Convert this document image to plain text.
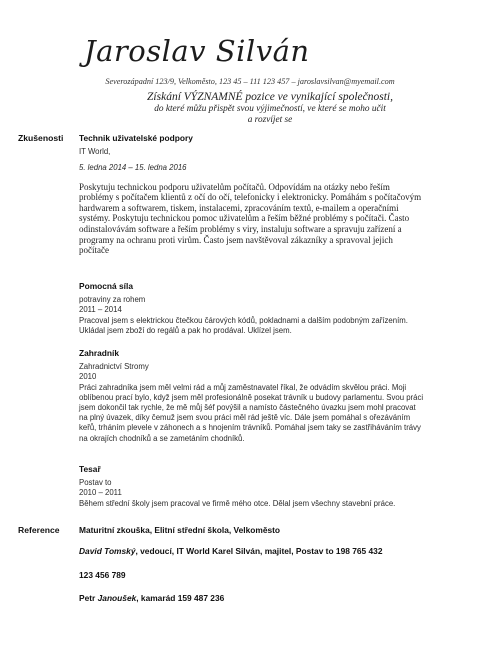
Jaroslav Silván
Severozápadní 123/9, Velkoměsto, 123 45 – 111 123 457 – jaroslavsilvan@myemail.com
Získání VÝZNAMNÉ pozice ve vynikající společnosti,
do které můžu přispět svou výjimečností, ve které se moho učit
a rozvíjet se
Zkušenosti Technik uživatelské podpory
IT World,
5. ledna 2014 – 15. ledna 2016
Poskytuju technickou podporu uživatelům počítačů. Odpovídám na otázky nebo řeším problémy s počítačem klientů z očí do očí, telefonicky i elektronicky. Pomáhám s počítačovým hardwarem a softwarem, tiskem, instalacemi, zpracováním textů, e-mailem a operačními systémy. Poskytuju technickou pomoc uživatelům a řeším běžné problémy s počítači. Často odinstalovávám software a řeším problémy s viry, instaluju software a spravuju zařízení a programy na ochranu proti virům. Často jsem navštěvoval zákazníky a spravoval jejich počítače
Pomocná síla
potraviny za rohem
2011 – 2014
Pracoval jsem s elektrickou čtečkou čárových kódů, pokladnami a dalším podobným zařízením. Ukládal jsem zboží do regálů a pak ho prodával. Uklízel jsem.
Zahradník
Zahradnictví Stromy
2010
Práci zahradníka jsem měl velmi rád a můj zaměstnavatel říkal, že odvádím skvělou práci. Moji oblíbenou prací bylo, když jsem měl profesionálně posekat trávník u budovy parlamentu. Svou práci jsem dokončil tak rychle, že mě můj šéf povýšil a namísto částečného úvazku jsem mohl pracovat na plný úvazek, díky čemuž jsem svou práci měl rád ještě víc. Dále jsem pomáhal s ořezáváním keřů, trháním plevele v záhonech a s hnojením trávníků. Pomáhal jsem taky se zastřiháváním trávy na okrajích chodníků a se zametáním chodníků.
Tesař
Postav to
2010 – 2011
Během střední školy jsem pracoval ve firmě mého otce. Dělal jsem všechny stavební práce.
Reference Maturitní zkouška, Elitní střední škola, Velkoměsto
David Tomský, vedoucí, IT World Karel Silván, majitel, Postav to 198 765 432
123 456 789
Petr Janoušek, kamarád 159 487 236
